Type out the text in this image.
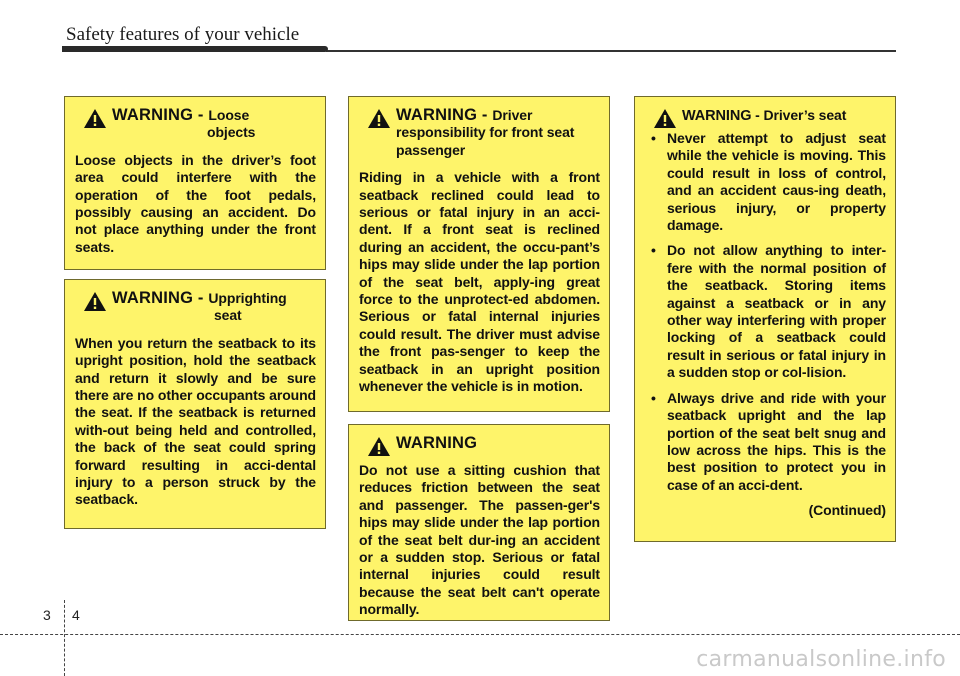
Safety features of your vehicle
WARNING - Loose
objects

Loose objects in the driver’s foot area could interfere with the operation of the foot pedals, possibly causing an accident. Do not place anything under the front seats.

WARNING - Upprighting
seat

When you return the seatback to its upright position, hold the seatback and return it slowly and be sure there are no other occupants around the seat. If the seatback is returned with-out being held and controlled, the back of the seat could spring forward resulting in acci-dental injury to a person struck by the seatback.

WARNING - Driver
responsibility for front seat passenger

Riding in a vehicle with a front seatback reclined could lead to serious or fatal injury in an acci-dent. If a front seat is reclined during an accident, the occu-pant’s hips may slide under the lap portion of the seat belt, apply-ing great force to the unprotect-ed abdomen. Serious or fatal internal injuries could result. The driver must advise the front pas-senger to keep the seatback in an upright position whenever the vehicle is in motion.

WARNING

Do not use a sitting cushion that reduces friction between the seat and passenger. The passen-ger's hips may slide under the lap portion of the seat belt dur-ing an accident or a sudden stop. Serious or fatal internal injuries could result because the seat belt can't operate normally.

WARNING - Driver’s seat
• Never attempt to adjust seat while the vehicle is moving. This could result in loss of control, and an accident caus-ing death, serious injury, or property damage.
• Do not allow anything to inter-fere with the normal position of the seatback. Storing items against a seatback or in any other way interfering with proper locking of a seatback could result in serious or fatal injury in a sudden stop or col-lision.
• Always drive and ride with your seatback upright and the lap portion of the seat belt snug and low across the hips. This is the best position to protect you in case of an acci-dent.
(Continued)
3 4
carmanualsonline.info
